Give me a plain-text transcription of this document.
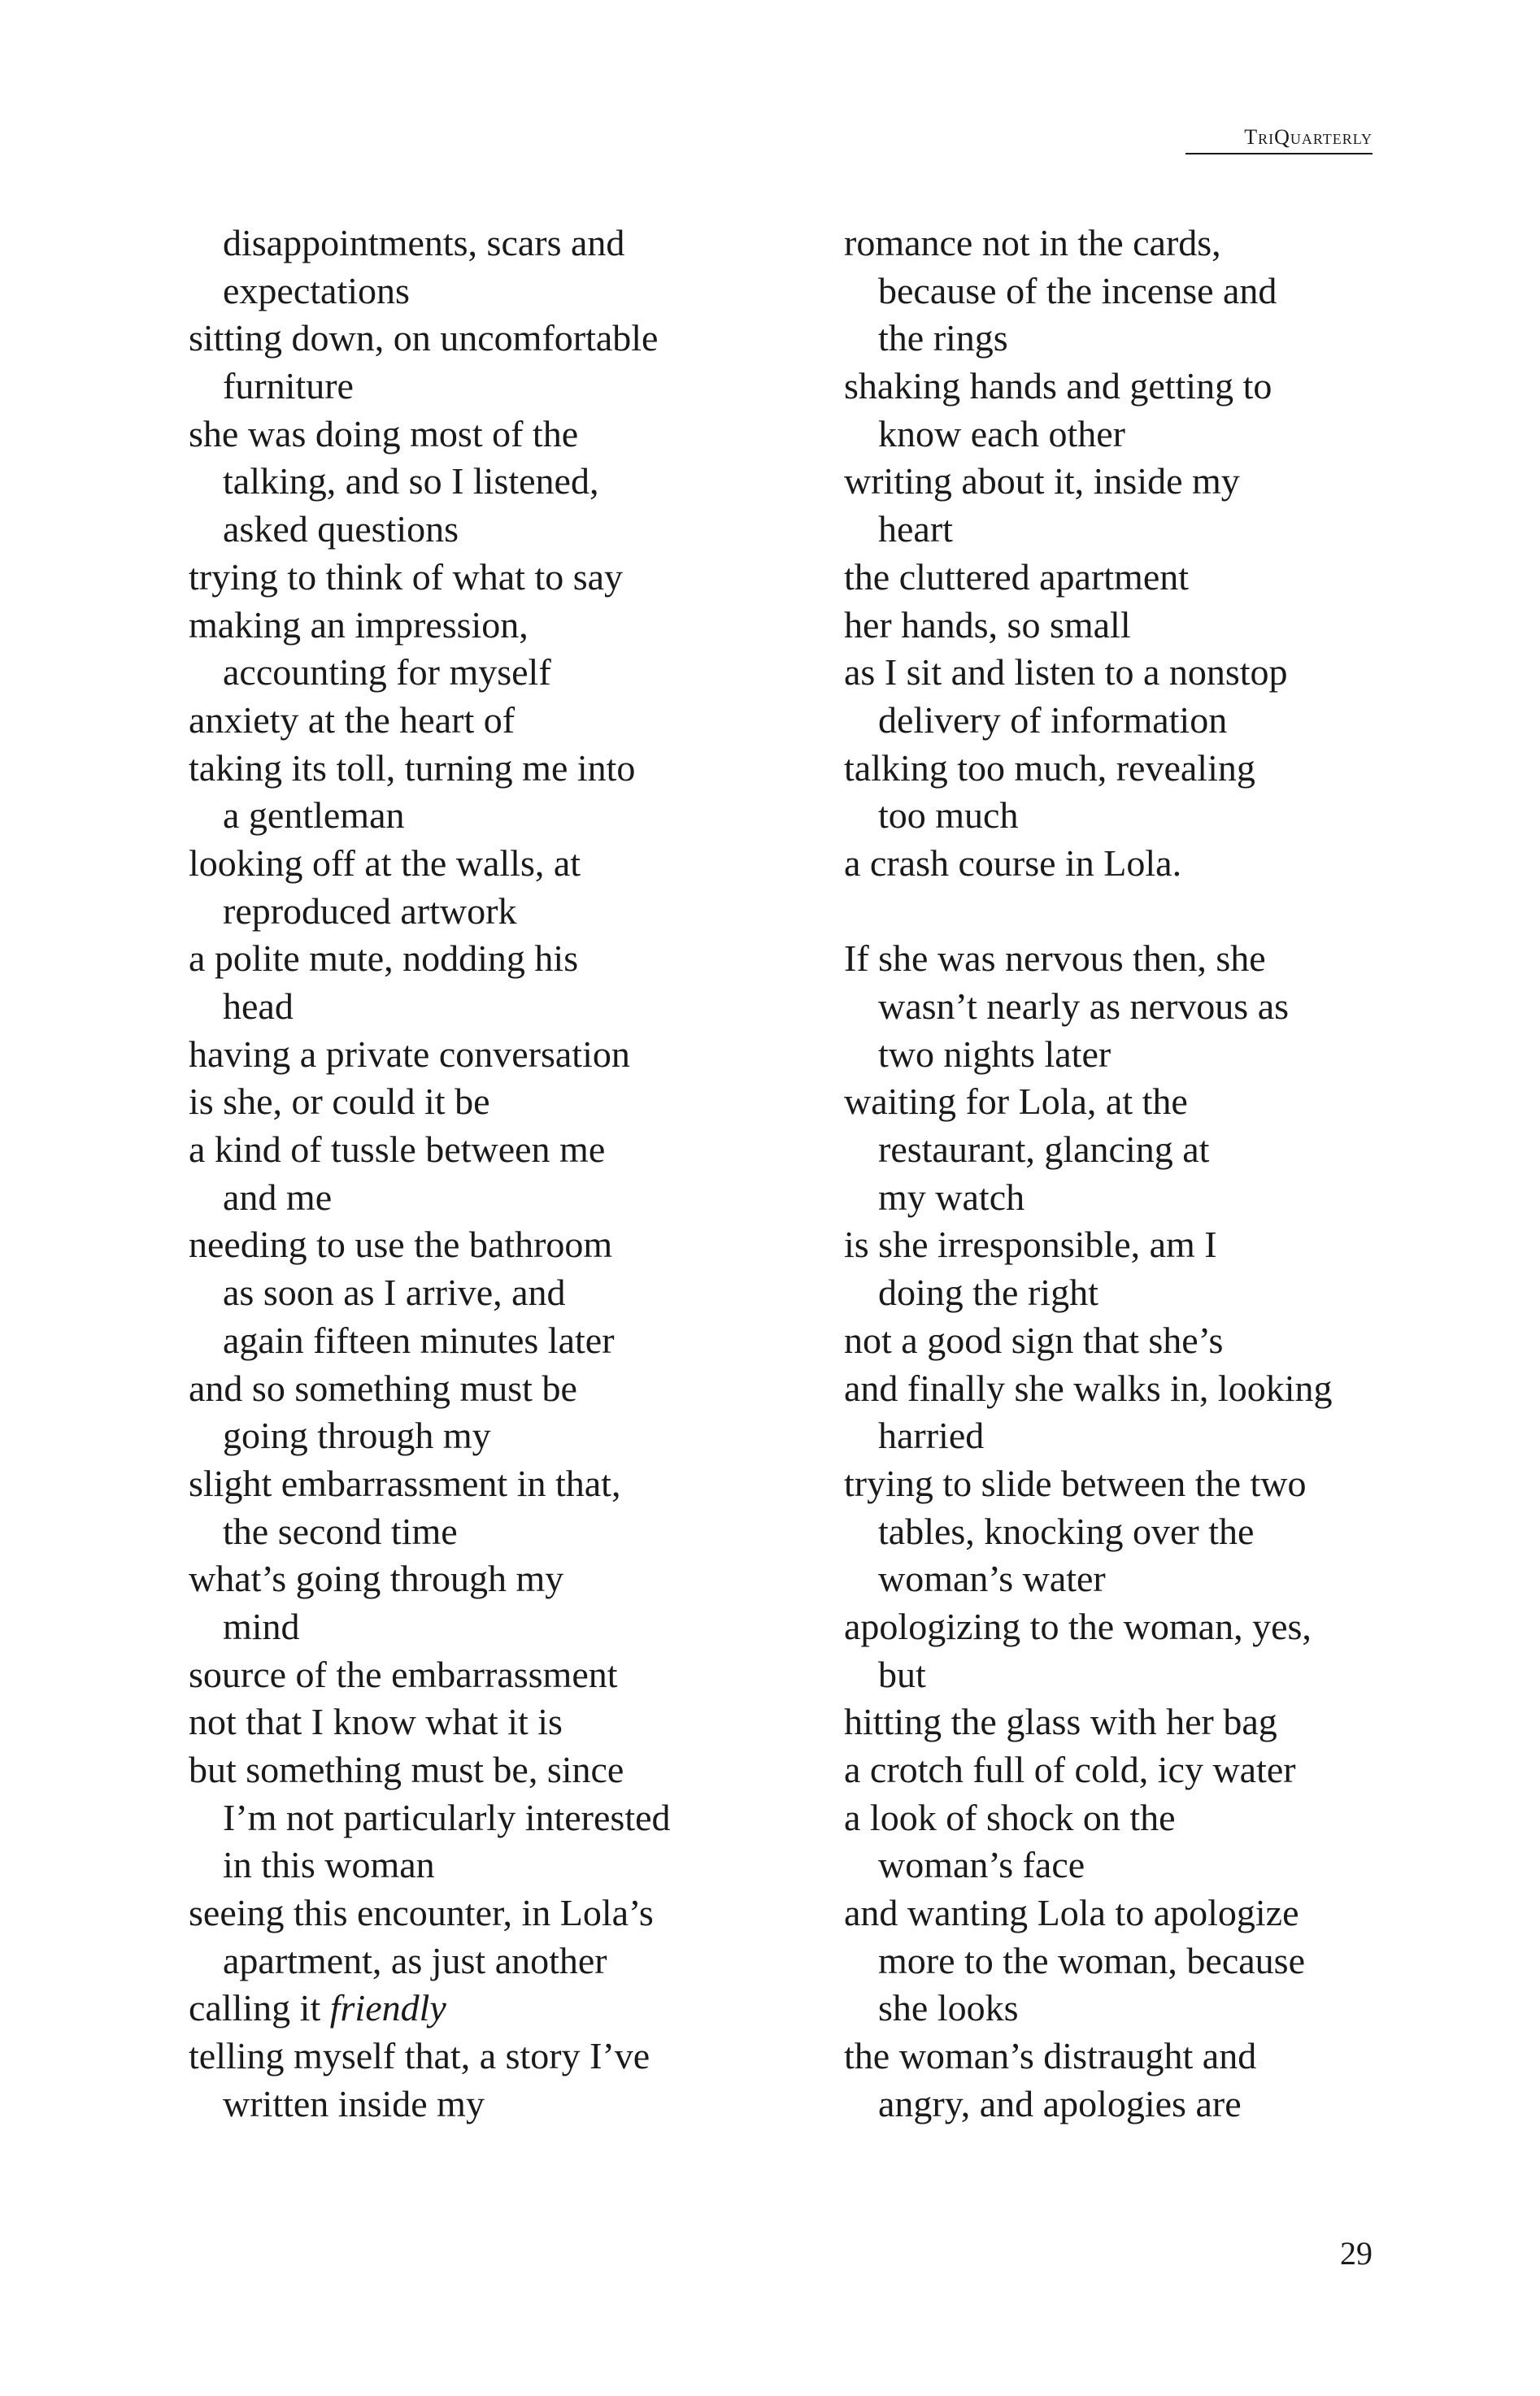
TriQuarterly
disappointments, scars and
expectations
sitting down, on uncomfortable
furniture
she was doing most of the
talking, and so I listened,
asked questions
trying to think of what to say
making an impression,
accounting for myself
anxiety at the heart of
taking its toll, turning me into
a gentleman
looking off at the walls, at
reproduced artwork
a polite mute, nodding his
head
having a private conversation
is she, or could it be
a kind of tussle between me
and me
needing to use the bathroom
as soon as I arrive, and
again fifteen minutes later
and so something must be
going through my
slight embarrassment in that,
the second time
what’s going through my
mind
source of the embarrassment
not that I know what it is
but something must be, since
I’m not particularly interested
in this woman
seeing this encounter, in Lola’s
apartment, as just another
calling it friendly
telling myself that, a story I’ve
written inside my
romance not in the cards,
because of the incense and
the rings
shaking hands and getting to
know each other
writing about it, inside my
heart
the cluttered apartment
her hands, so small
as I sit and listen to a nonstop
delivery of information
talking too much, revealing
too much
a crash course in Lola.
If she was nervous then, she
wasn’t nearly as nervous as
two nights later
waiting for Lola, at the
restaurant, glancing at
my watch
is she irresponsible, am I
doing the right
not a good sign that she’s
and finally she walks in, looking
harried
trying to slide between the two
tables, knocking over the
woman’s water
apologizing to the woman, yes,
but
hitting the glass with her bag
a crotch full of cold, icy water
a look of shock on the
woman’s face
and wanting Lola to apologize
more to the woman, because
she looks
the woman’s distraught and
angry, and apologies are
29
